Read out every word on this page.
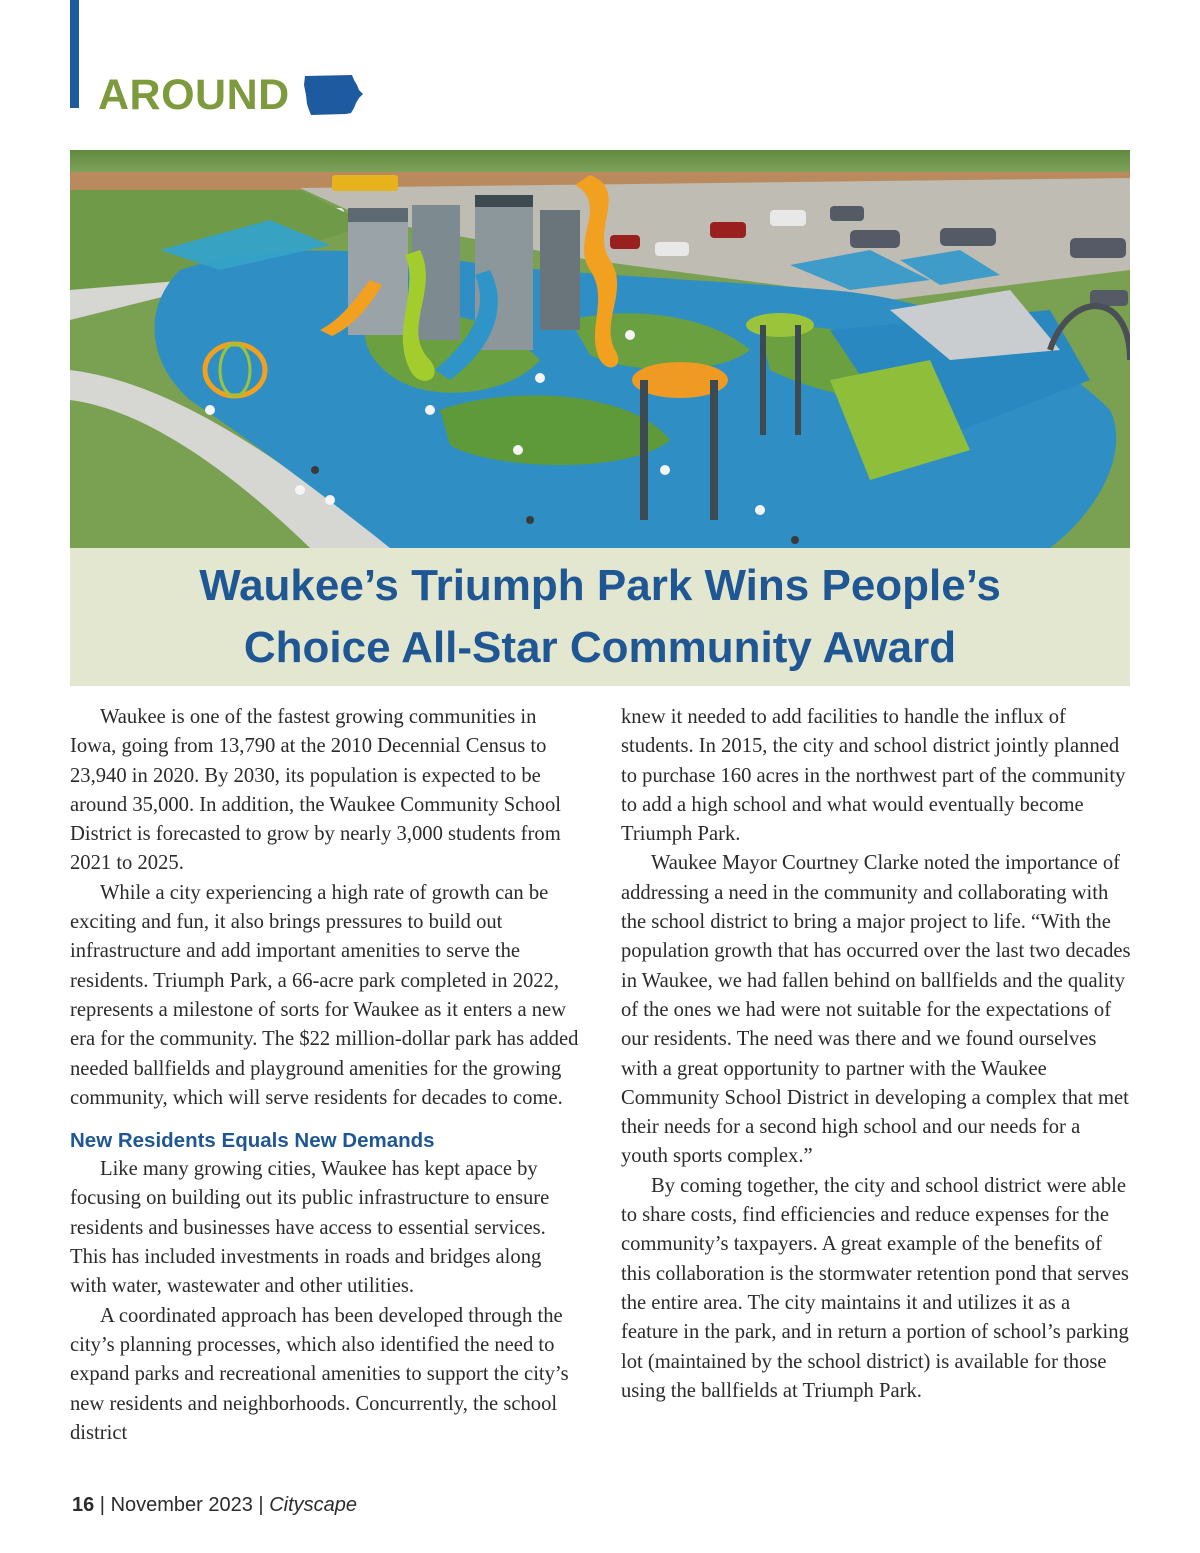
AROUND
Waukee’s Triumph Park Wins People’s
Choice All-Star Community Award

Waukee is one of the fastest growing communities in Iowa, going from 13,790 at the 2010 Decennial Census to 23,940 in 2020. By 2030, its population is expected to be around 35,000. In addition, the Waukee Community School District is forecasted to grow by nearly 3,000 students from 2021 to 2025.

While a city experiencing a high rate of growth can be exciting and fun, it also brings pressures to build out infrastructure and add important amenities to serve the residents. Triumph Park, a 66-acre park completed in 2022, represents a milestone of sorts for Waukee as it enters a new era for the community. The $22 million-dollar park has added needed ballfields and playground amenities for the growing community, which will serve residents for decades to come.

New Residents Equals New Demands

Like many growing cities, Waukee has kept apace by focusing on building out its public infrastructure to ensure residents and businesses have access to essential services. This has included investments in roads and bridges along with water, wastewater and other utilities.

A coordinated approach has been developed through the city’s planning processes, which also identified the need to expand parks and recreational amenities to support the city’s new residents and neighborhoods. Concurrently, the school district

knew it needed to add facilities to handle the influx of students. In 2015, the city and school district jointly planned to purchase 160 acres in the northwest part of the community to add a high school and what would eventually become Triumph Park.

Waukee Mayor Courtney Clarke noted the importance of addressing a need in the community and collaborating with the school district to bring a major project to life. “With the population growth that has occurred over the last two decades in Waukee, we had fallen behind on ballfields and the quality of the ones we had were not suitable for the expectations of our residents. The need was there and we found ourselves with a great opportunity to partner with the Waukee Community School District in developing a complex that met their needs for a second high school and our needs for a youth sports complex.”

By coming together, the city and school district were able to share costs, find efficiencies and reduce expenses for the community’s taxpayers. A great example of the benefits of this collaboration is the stormwater retention pond that serves the entire area. The city maintains it and utilizes it as a feature in the park, and in return a portion of school’s parking lot (maintained by the school district) is available for those using the ballfields at Triumph Park.

16 | November 2023 | Cityscape
